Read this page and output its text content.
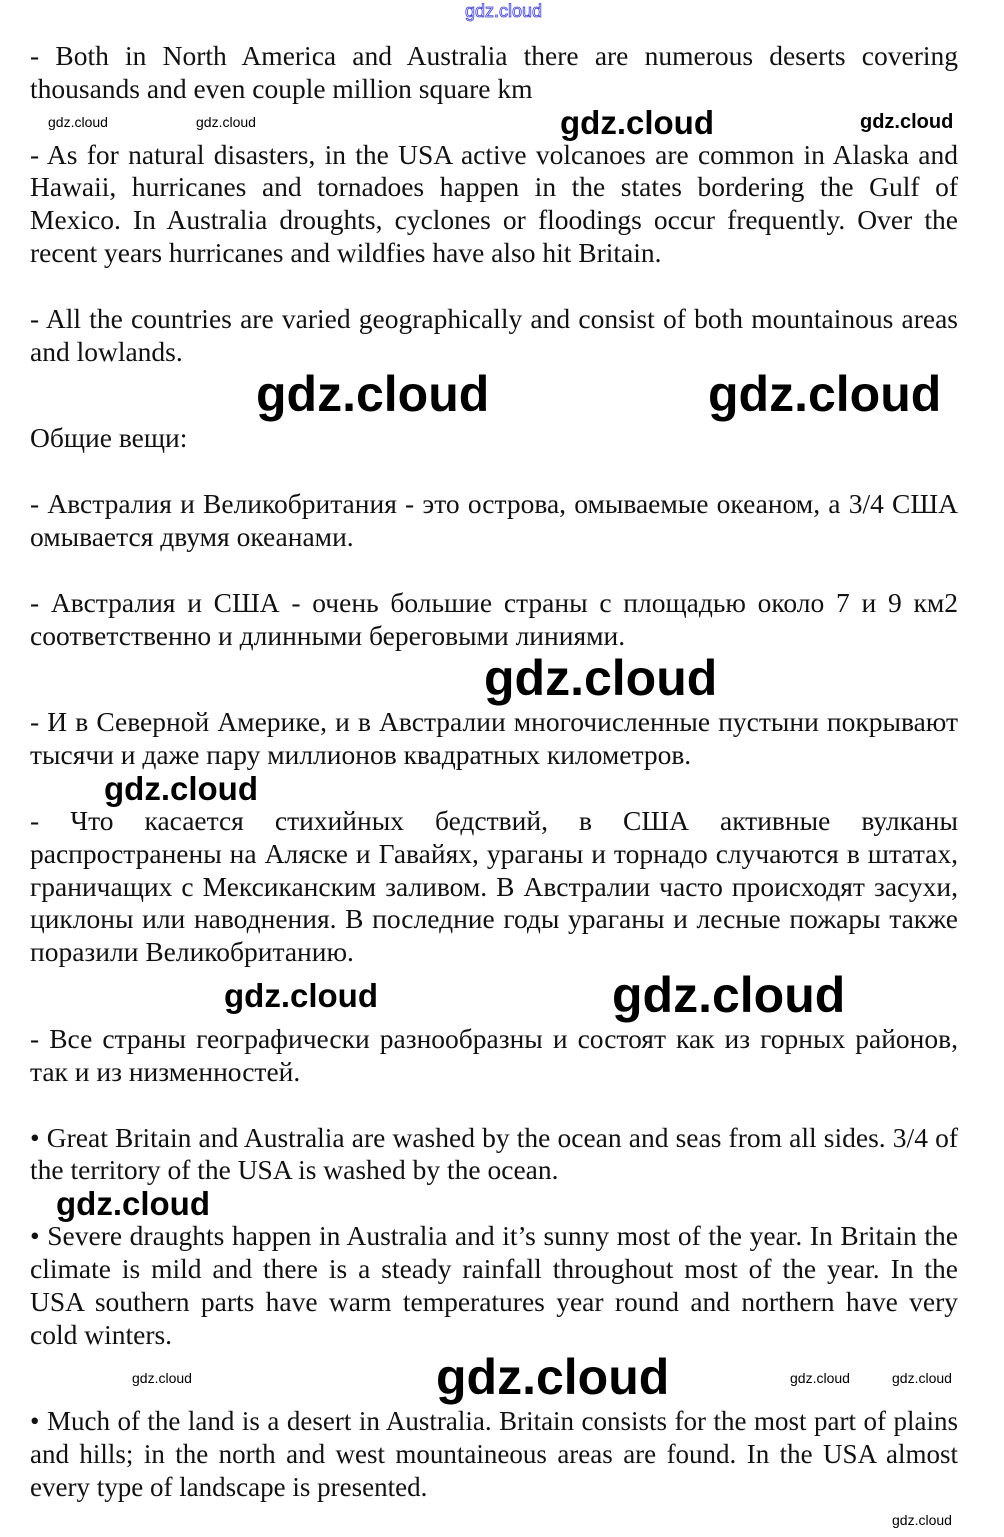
gdz.cloud

- Both in North America and Australia there are numerous deserts covering thousands and even couple million square km

gdz.cloud	gdz.cloud	gdz.cloud	gdz.cloud

- As for natural disasters, in the USA active volcanoes are common in Alaska and Hawaii, hurricanes and tornadoes happen in the states bordering the Gulf of Mexico. In Australia droughts, cyclones or floodings occur frequently. Over the recent years hurricanes and wildfies have also hit Britain.

- All the countries are varied geographically and consist of both mountainous areas and lowlands.

gdz.cloud	gdz.cloud

Общие вещи:

- Австралия и Великобритания - это острова, омываемые океаном, а 3/4 США омывается двумя океанами.

- Австралия и США - очень большие страны с площадью около 7 и 9 км2 соответственно и длинными береговыми линиями.

gdz.cloud

- И в Северной Америке, и в Австралии многочисленные пустыни покрывают тысячи и даже пару миллионов квадратных километров.

gdz.cloud

- Что касается стихийных бедствий, в США активные вулканы распространены на Аляске и Гавайях, ураганы и торнадо случаются в штатах, граничащих с Мексиканским заливом. В Австралии часто происходят засухи, циклоны или наводнения. В последние годы ураганы и лесные пожары также поразили Великобританию.

gdz.cloud	gdz.cloud

- Все страны географически разнообразны и состоят как из горных районов, так и из низменностей.

• Great Britain and Australia are washed by the ocean and seas from all sides. 3/4 of the territory of the USA is washed by the ocean.

gdz.cloud

• Severe draughts happen in Australia and it’s sunny most of the year. In Britain the climate is mild and there is a steady rainfall throughout most of the year. In the USA southern parts have warm temperatures year round and northern have very cold winters.

gdz.cloud	gdz.cloud	gdz.cloud	gdz.cloud

• Much of the land is a desert in Australia. Britain consists for the most part of plains and hills; in the north and west mountaineous areas are found. In the USA almost every type of landscape is presented.

gdz.cloud
